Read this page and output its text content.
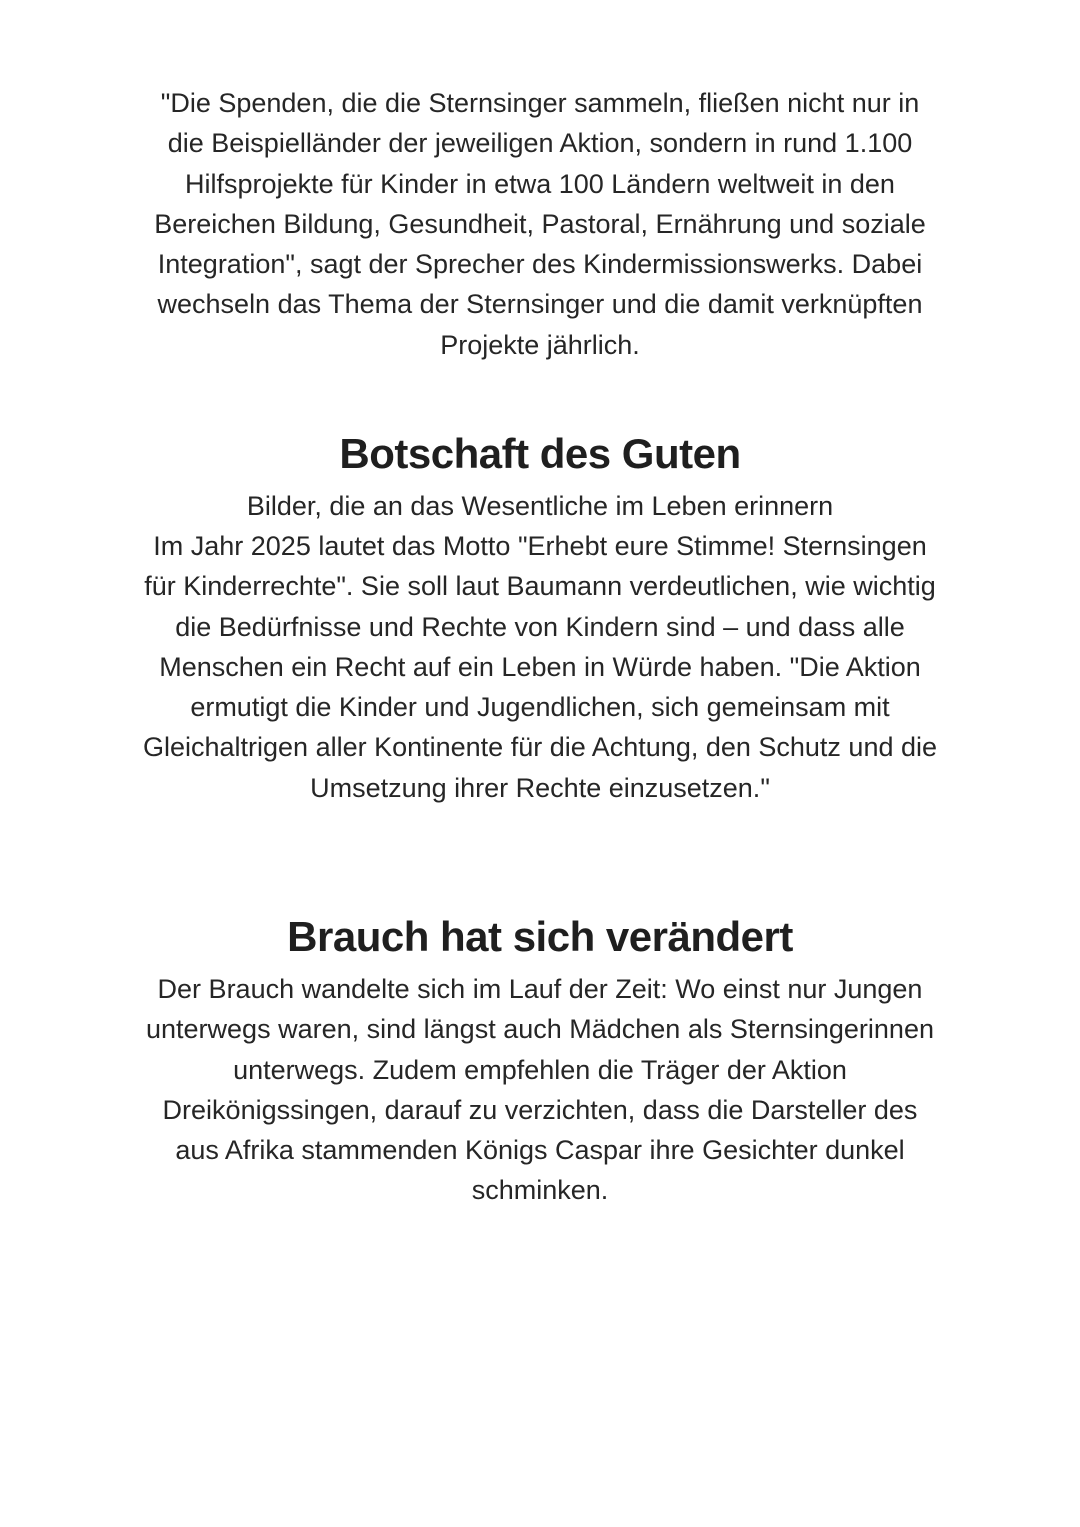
"Die Spenden, die die Sternsinger sammeln, fließen nicht nur in die Beispielländer der jeweiligen Aktion, sondern in rund 1.100 Hilfsprojekte für Kinder in etwa 100 Ländern weltweit in den Bereichen Bildung, Gesundheit, Pastoral, Ernährung und soziale Integration", sagt der Sprecher des Kindermissionswerks. Dabei wechseln das Thema der Sternsinger und die damit verknüpften Projekte jährlich.

Botschaft des Guten

Bilder, die an das Wesentliche im Leben erinnern

Im Jahr 2025 lautet das Motto "Erhebt eure Stimme! Sternsingen für Kinderrechte". Sie soll laut Baumann verdeutlichen, wie wichtig die Bedürfnisse und Rechte von Kindern sind – und dass alle Menschen ein Recht auf ein Leben in Würde haben. "Die Aktion ermutigt die Kinder und Jugendlichen, sich gemeinsam mit Gleichaltrigen aller Kontinente für die Achtung, den Schutz und die Umsetzung ihrer Rechte einzusetzen."

Brauch hat sich verändert

Der Brauch wandelte sich im Lauf der Zeit: Wo einst nur Jungen unterwegs waren, sind längst auch Mädchen als Sternsingerinnen unterwegs. Zudem empfehlen die Träger der Aktion Dreikönigssingen, darauf zu verzichten, dass die Darsteller des aus Afrika stammenden Königs Caspar ihre Gesichter dunkel schminken.
